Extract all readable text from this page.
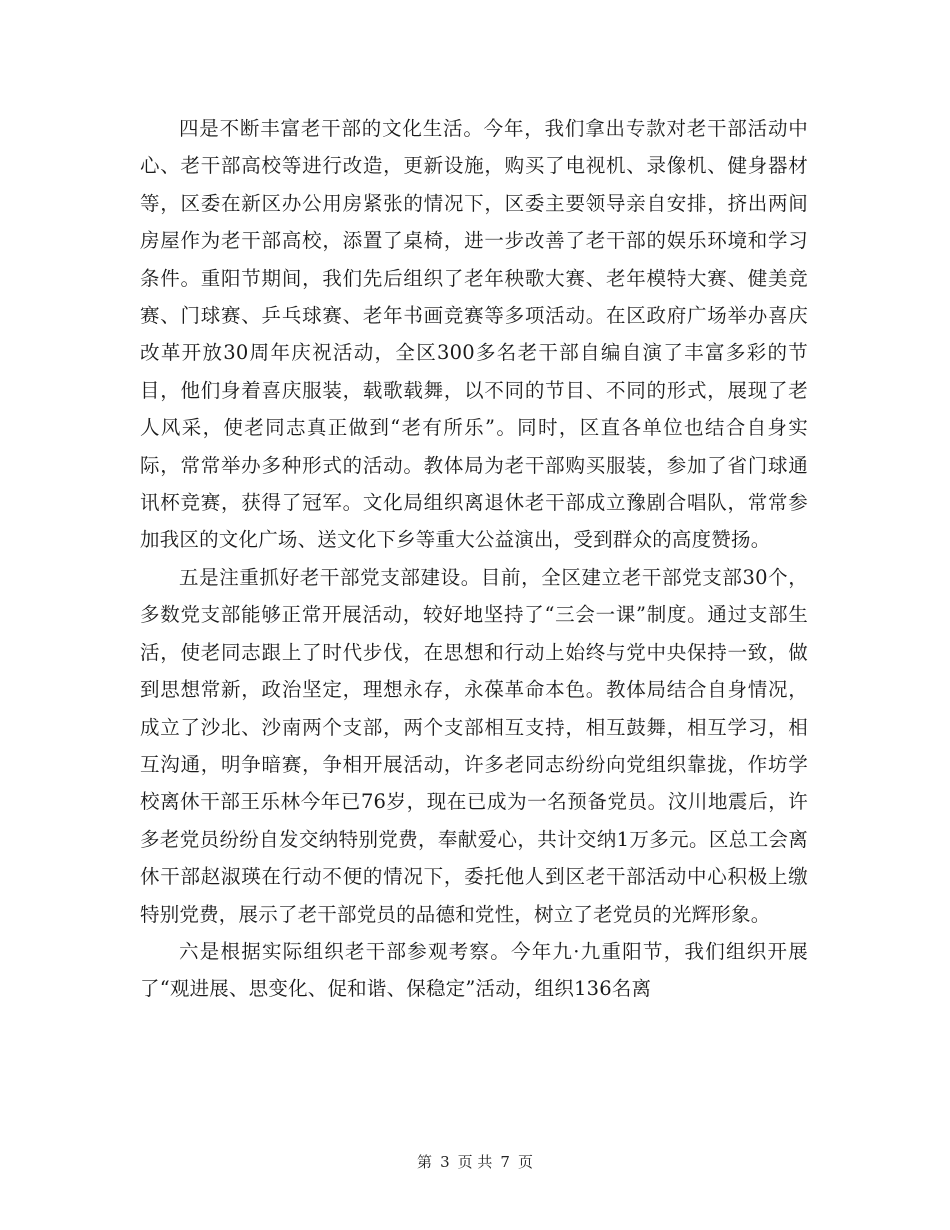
四是不断丰富老干部的文化生活。今年，我们拿出专款对老干部活动中心、老干部高校等进行改造，更新设施，购买了电视机、录像机、健身器材等，区委在新区办公用房紧张的情况下，区委主要领导亲自安排，挤出两间房屋作为老干部高校，添置了桌椅，进一步改善了老干部的娱乐环境和学习条件。重阳节期间，我们先后组织了老年秧歌大赛、老年模特大赛、健美竞赛、门球赛、乒乓球赛、老年书画竞赛等多项活动。在区政府广场举办喜庆改革开放30周年庆祝活动，全区300多名老干部自编自演了丰富多彩的节目，他们身着喜庆服装，载歌载舞，以不同的节目、不同的形式，展现了老人风采，使老同志真正做到“老有所乐”。同时，区直各单位也结合自身实际，常常举办多种形式的活动。教体局为老干部购买服装，参加了省门球通讯杯竞赛，获得了冠军。文化局组织离退休老干部成立豫剧合唱队，常常参加我区的文化广场、送文化下乡等重大公益演出，受到群众的高度赞扬。

五是注重抓好老干部党支部建设。目前，全区建立老干部党支部30个，多数党支部能够正常开展活动，较好地坚持了“三会一课”制度。通过支部生活，使老同志跟上了时代步伐，在思想和行动上始终与党中央保持一致，做到思想常新，政治坚定，理想永存，永葆革命本色。教体局结合自身情况，成立了沙北、沙南两个支部，两个支部相互支持，相互鼓舞，相互学习，相互沟通，明争暗赛，争相开展活动，许多老同志纷纷向党组织靠拢，作坊学校离休干部王乐林今年已76岁，现在已成为一名预备党员。汶川地震后，许多老党员纷纷自发交纳特别党费，奉献爱心，共计交纳1万多元。区总工会离休干部赵淑瑛在行动不便的情况下，委托他人到区老干部活动中心积极上缴特别党费，展示了老干部党员的品德和党性，树立了老党员的光辉形象。

六是根据实际组织老干部参观考察。今年九·九重阳节，我们组织开展了“观进展、思变化、促和谐、保稳定”活动，组织136名离

第 3 页 共 7 页
